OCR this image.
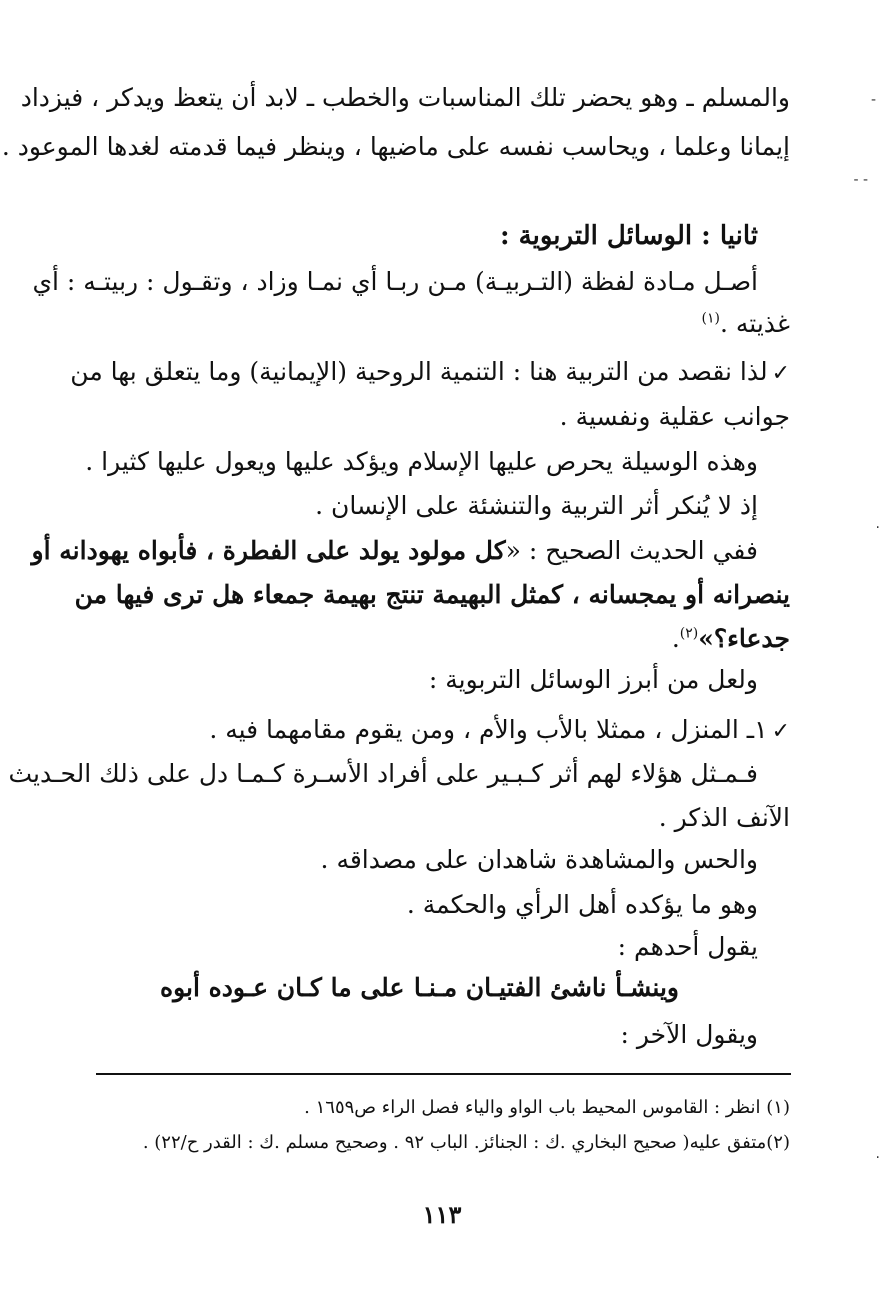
والمسلم ـ وهو يحضر تلك المناسبات والخطب ـ لابد أن يتعظ ويدكر ، فيزداد
إيمانا وعلما ، ويحاسب نفسه على ماضيها ، وينظر فيما قدمته لغدها الموعود .
ثانيا : الوسائل التربوية :
أصـل مـادة لفظة (التـربيـة) مـن ربـا أي نمـا وزاد ، وتقـول : ربيتـه : أي
غذيته .$^{(١)}$
✓لذا نقصد من التربية هنا : التنمية الروحية (الإيمانية) وما يتعلق بها من
جوانب عقلية ونفسية .
وهذه الوسيلة يحرص عليها الإسلام ويؤكد عليها ويعول عليها كثيرا .
إذ لا يُنكر أثر التربية والتنشئة على الإنسان .
ففي الحديث الصحيح : «كل مولود يولد على الفطرة ، فأبواه يهودانه أو
ينصرانه أو يمجسانه ، كمثل البهيمة تنتج بهيمة جمعاء هل ترى فيها من
جدعاء؟»$^{(٢)}$.
ولعل من أبرز الوسائل التربوية :
✓١ـ المنزل ، ممثلا بالأب والأم ، ومن يقوم مقامهما فيه .
فـمـثل هؤلاء لهم أثر كـبـير على أفراد الأسـرة كـمـا دل على ذلك الحـديث
الآنف الذكر .
والحس والمشاهدة شاهدان على مصداقه .
وهو ما يؤكده أهل الرأي والحكمة .
يقول أحدهم :
وينشـأ ناشئ الفتيـان مـنـا
على ما كـان عـوده أبوه
ويقول الآخر :
(١) انظر : القاموس المحيط باب الواو والياء فصل الراء ص١٦٥٩ .
(٢)متفق عليه( صحيح البخاري .ك : الجنائز. الباب ٩٢ . وصحيح مسلم .ك : القدر ح/٢٢) .
١١٣
-
- -
·
·
